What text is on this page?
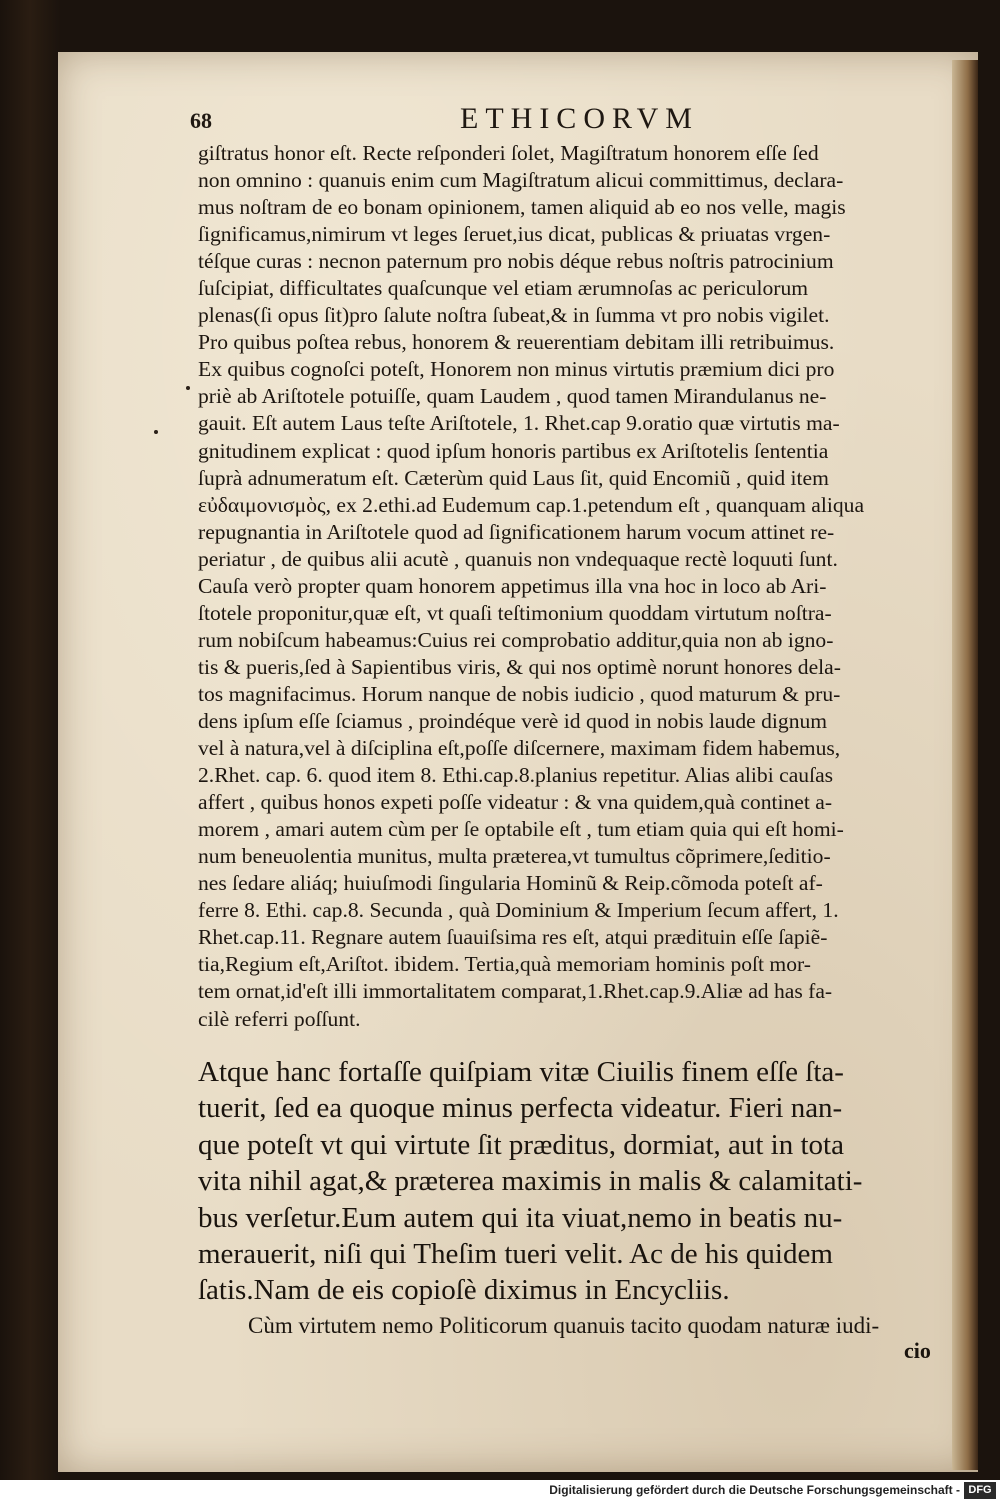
68	ETHICORVM
giſtratus honor eſt. Recte reſponderi ſolet, Magiſtratum honorem eſſe ſed
non omnino : quanuis enim cum Magiſtratum alicui committimus, declara-
mus noſtram de eo bonam opinionem, tamen aliquid ab eo nos velle, magis
ſignificamus,nimirum vt leges ſeruet,ius dicat, publicas & priuatas vrgen-
téſque curas : necnon paternum pro nobis déque rebus noſtris patrocinium
ſuſcipiat, difficultates quaſcunque vel etiam ærumnoſas ac periculorum
plenas(ſi opus ſit)pro ſalute noſtra ſubeat,& in ſumma vt pro nobis vigilet.
Pro quibus poſtea rebus, honorem & reuerentiam debitam illi retribuimus.
Ex quibus cognoſci poteſt, Honorem non minus virtutis præmium dici pro
priè ab Ariſtotele potuiſſe, quam Laudem , quod tamen Mirandulanus ne-
gauit. Eſt autem Laus teſte Ariſtotele, 1. Rhet.cap 9.oratio quæ virtutis ma-
gnitudinem explicat : quod ipſum honoris partibus ex Ariſtotelis ſententia
ſuprà adnumeratum eſt. Cæterùm quid Laus ſit, quid Encomiũ , quid item
εὐδαιμονισμὸς, ex 2.ethi.ad Eudemum cap.1.petendum eſt , quanquam aliqua
repugnantia in Ariſtotele quod ad ſignificationem harum vocum attinet re-
periatur , de quibus alii acutè , quanuis non vndequaque rectè loquuti ſunt.
Cauſa verò propter quam honorem appetimus illa vna hoc in loco ab Ari-
ſtotele proponitur,quæ eſt, vt quaſi teſtimonium quoddam virtutum noſtra-
rum nobiſcum habeamus:Cuius rei comprobatio additur,quia non ab igno-
tis & pueris,ſed à Sapientibus viris, & qui nos optimè norunt honores dela-
tos magnifacimus. Horum nanque de nobis iudicio , quod maturum & pru-
dens ipſum eſſe ſciamus , proindéque verè id quod in nobis laude dignum
vel à natura,vel à diſciplina eſt,poſſe diſcernere, maximam fidem habemus,
2.Rhet. cap. 6. quod item 8. Ethi.cap.8.planius repetitur. Alias alibi cauſas
affert , quibus honos expeti poſſe videatur : & vna quidem,quà continet a-
morem , amari autem cùm per ſe optabile eſt , tum etiam quia qui eſt homi-
num beneuolentia munitus, multa præterea,vt tumultus cõprimere,ſeditio-
nes ſedare aliáq; huiuſmodi ſingularia Hominũ & Reip.cõmoda poteſt af-
ferre 8. Ethi. cap.8. Secunda , quà Dominium & Imperium ſecum affert, 1.
Rhet.cap.11. Regnare autem ſuauiſsima res eſt, atqui prædituin eſſe ſapiẽ-
tia,Regium eſt,Ariſtot. ibidem. Tertia,quà memoriam hominis poſt mor-
tem ornat,id'eſt illi immortalitatem comparat,1.Rhet.cap.9.Aliæ ad has fa-
cilè referri poſſunt.
Atque hanc fortaſſe quiſpiam vitæ Ciuilis finem eſſe ſta-
tuerit, ſed ea quoque minus perfecta videatur. Fieri nan-
que poteſt vt qui virtute ſit præditus, dormiat, aut in tota
vita nihil agat,& præterea maximis in malis & calamitati-
bus verſetur.Eum autem qui ita viuat,nemo in beatis nu-
merauerit, niſi qui Theſim tueri velit. Ac de his quidem
ſatis.Nam de eis copioſè diximus in Encycliis.
Cùm virtutem nemo Politicorum quanuis tacito quodam naturæ iudi-
cio
Digitalisierung gefördert durch die Deutsche Forschungsgemeinschaft - DFG
